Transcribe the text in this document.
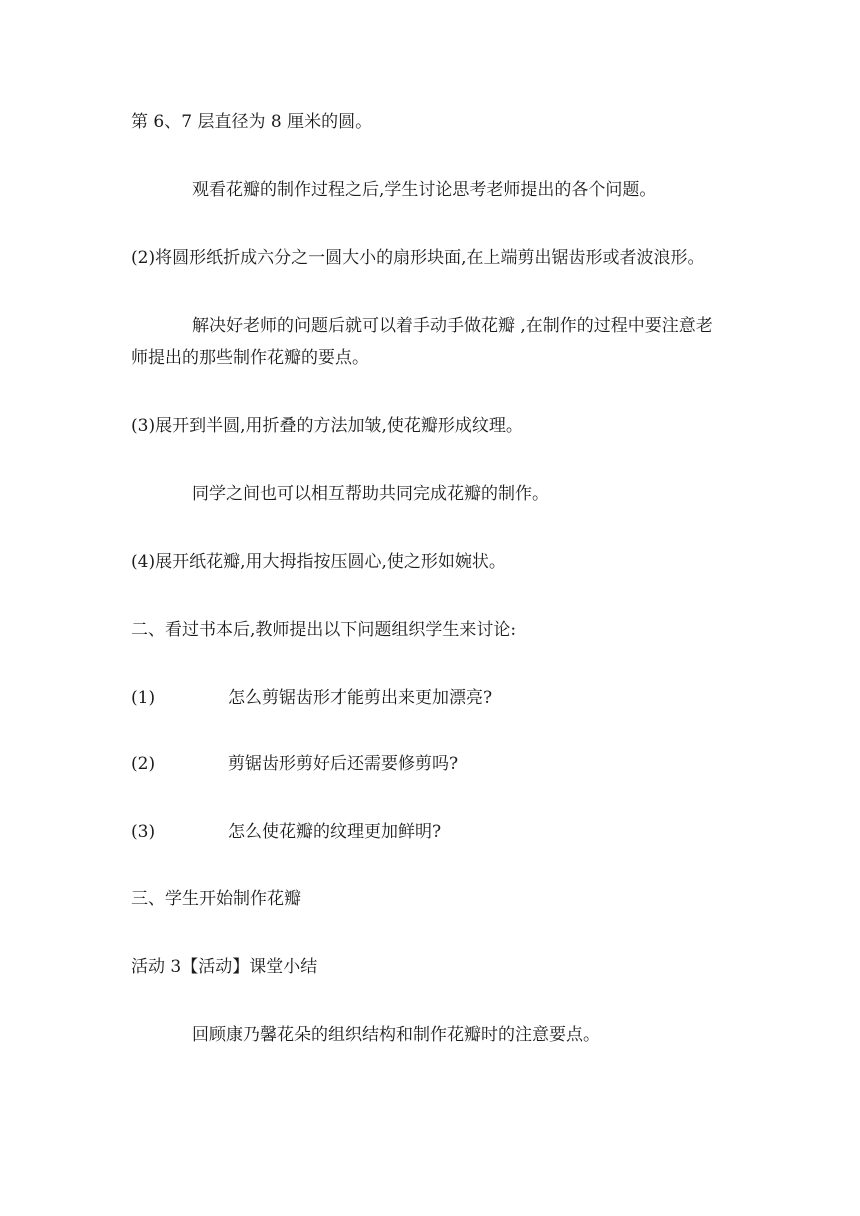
第 6、7 层直径为 8 厘米的圆。
观看花瓣的制作过程之后,学生讨论思考老师提出的各个问题。
(2)将圆形纸折成六分之一圆大小的扇形块面,在上端剪出锯齿形或者波浪形。
解决好老师的问题后就可以着手动手做花瓣 ,在制作的过程中要注意老
师提出的那些制作花瓣的要点。
(3)展开到半圆,用折叠的方法加皱,使花瓣形成纹理。
同学之间也可以相互帮助共同完成花瓣的制作。
(4)展开纸花瓣,用大拇指按压圆心,使之形如婉状。
二、看过书本后,教师提出以下问题组织学生来讨论:
(1)	怎么剪锯齿形才能剪出来更加漂亮?
(2)	剪锯齿形剪好后还需要修剪吗?
(3)	怎么使花瓣的纹理更加鲜明?
三、学生开始制作花瓣
活动 3【活动】课堂小结
回顾康乃馨花朵的组织结构和制作花瓣时的注意要点。
